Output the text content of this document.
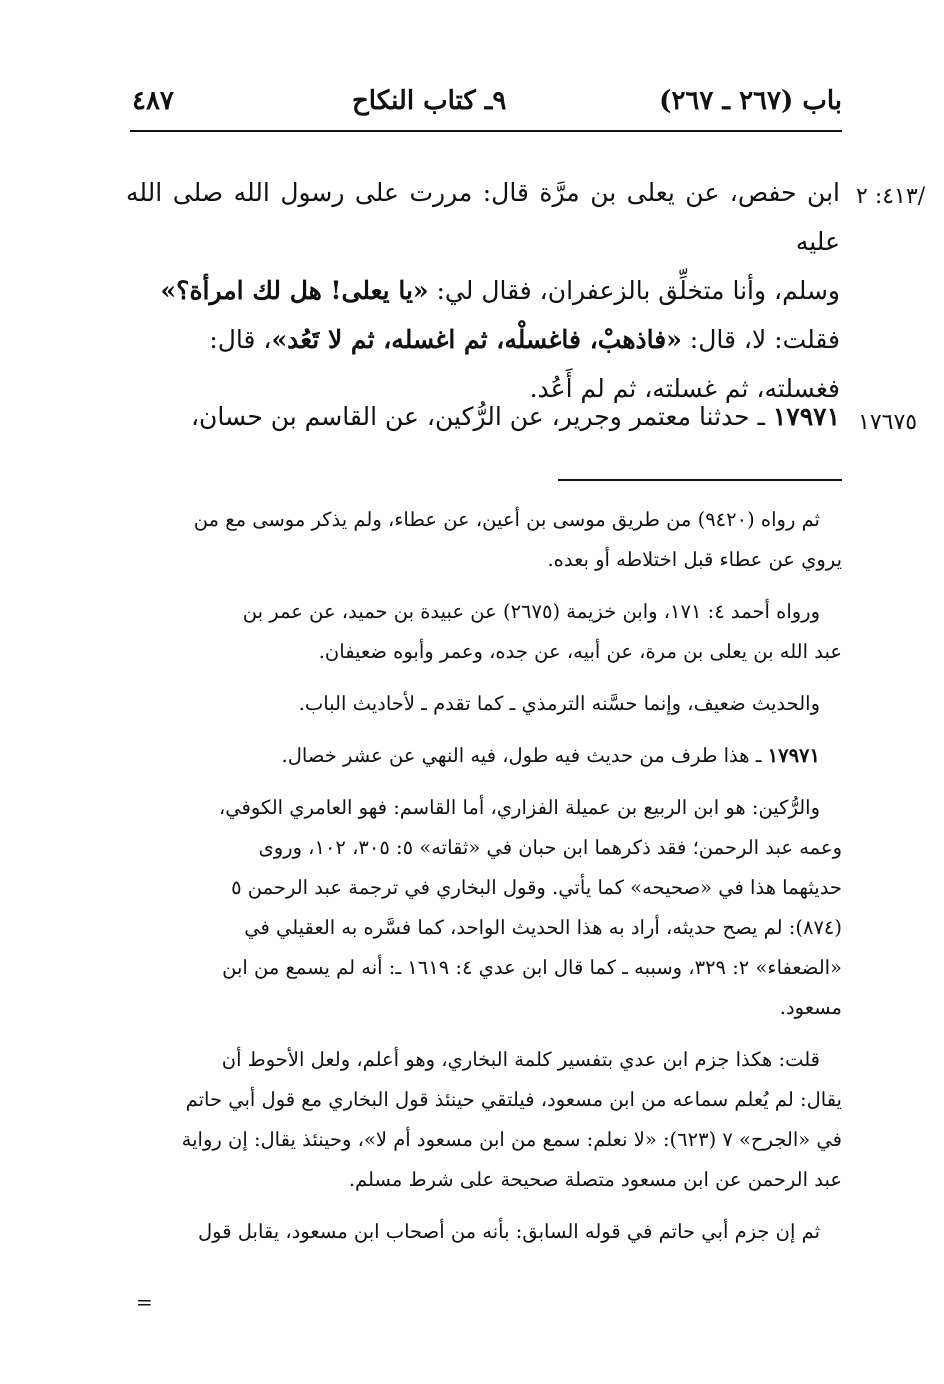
باب (٢٦٧ ـ ٢٦٧)
٩ـ كتاب النكاح
٤٨٧
٤١٣: ٢/

ابن حفص، عن يعلى بن مرَّة قال: مررت على رسول الله صلى الله عليه

وسلم، وأنا متخلِّق بالزعفران، فقال لي: «يا يعلى! هل لك امرأة؟»

فقلت: لا، قال: «فاذهبْ، فاغسلْه، ثم اغسله، ثم لا تَعُد»، قال:

فغسلته، ثم غسلته، ثم لم أَعُد.

١٧٦٧٥

١٧٩٧١ ـ حدثنا معتمر وجرير، عن الرُّكين، عن القاسم بن حسان،

ثم رواه (٩٤٢٠) من طريق موسى بن أعين، عن عطاء، ولم يذكر موسى مع من

يروي عن عطاء قبل اختلاطه أو بعده.

ورواه أحمد ٤: ١٧١، وابن خزيمة (٢٦٧٥) عن عبيدة بن حميد، عن عمر بن

عبد الله بن يعلى بن مرة، عن أبيه، عن جده، وعمر وأبوه ضعيفان.

والحديث ضعيف، وإنما حسَّنه الترمذي ـ كما تقدم ـ لأحاديث الباب.

١٧٩٧١ ـ هذا طرف من حديث فيه طول، فيه النهي عن عشر خصال.

والرُّكين: هو ابن الربيع بن عميلة الفزاري، أما القاسم: فهو العامري الكوفي،

وعمه عبد الرحمن؛ فقد ذكرهما ابن حبان في «ثقاته» ٥: ٣٠٥، ١٠٢، وروى

حديثهما هذا في «صحيحه» كما يأتي. وقول البخاري في ترجمة عبد الرحمن ٥

(٨٧٤): لم يصح حديثه، أراد به هذا الحديث الواحد، كما فسَّره به العقيلي في

«الضعفاء» ٢: ٣٢٩، وسببه ـ كما قال ابن عدي ٤: ١٦١٩ ـ: أنه لم يسمع من ابن

مسعود.

قلت: هكذا جزم ابن عدي بتفسير كلمة البخاري، وهو أعلم، ولعل الأحوط أن

يقال: لم يُعلم سماعه من ابن مسعود، فيلتقي حينئذ قول البخاري مع قول أبي حاتم

في «الجرح» ٧ (٦٢٣): «لا نعلم: سمع من ابن مسعود أم لا»، وحينئذ يقال: إن رواية

عبد الرحمن عن ابن مسعود متصلة صحيحة على شرط مسلم.

ثم إن جزم أبي حاتم في قوله السابق: بأنه من أصحاب ابن مسعود، يقابل قول

=
